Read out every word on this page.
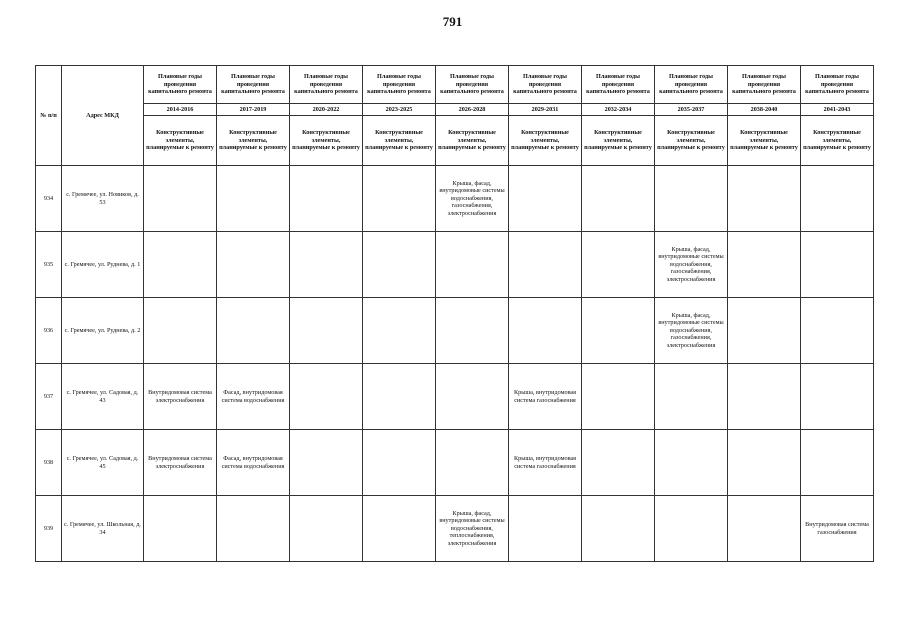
791
№ п/п	Адрес МКД	Плановые годы проведения капитального ремонта	Плановые годы проведения капитального ремонта	Плановые годы проведения капитального ремонта	Плановые годы проведения капитального ремонта	Плановые годы проведения капитального ремонта	Плановые годы проведения капитального ремонта	Плановые годы проведения капитального ремонта	Плановые годы проведения капитального ремонта	Плановые годы проведения капитального ремонта	Плановые годы проведения капитального ремонта
		2014-2016	2017-2019	2020-2022	2023-2025	2026-2028	2029-2031	2032-2034	2035-2037	2038-2040	2041-2043
		Конструктивные элементы, планируемые к ремонту	Конструктивные элементы, планируемые к ремонту	Конструктивные элементы, планируемые к ремонту	Конструктивные элементы, планируемые к ремонту	Конструктивные элементы, планируемые к ремонту	Конструктивные элементы, планируемые к ремонту	Конструктивные элементы, планируемые к ремонту	Конструктивные элементы, планируемые к ремонту	Конструктивные элементы, планируемые к ремонту	Конструктивные элементы, планируемые к ремонту
934	с. Гремячее, ул. Новиков, д. 53					Крыша, фасад, внутридомовые системы водоснабжения, газоснабжения, электроснабжения					
935	с. Гремячее, ул. Руднева, д. 1								Крыша, фасад, внутридомовые системы водоснабжения, газоснабжения, электроснабжения		
936	с. Гремячее, ул. Руднева, д. 2								Крыша, фасад, внутридомовые системы водоснабжения, газоснабжения, электроснабжения		
937	с. Гремячее, ул. Садовая, д. 43	Внутридомовая система электроснабжения	Фасад, внутридомовая система водоснабжения				Крыша, внутридомовая система газоснабжения				
938	с. Гремячее, ул. Садовая, д. 45	Внутридомовая система электроснабжения	Фасад, внутридомовая система водоснабжения				Крыша, внутридомовая система газоснабжения				
939	с. Гремячее, ул. Школьная, д. 34					Крыша, фасад, внутридомовые системы водоснабжения, теплоснабжения, электроснабжения					Внутридомовая система газоснабжения
